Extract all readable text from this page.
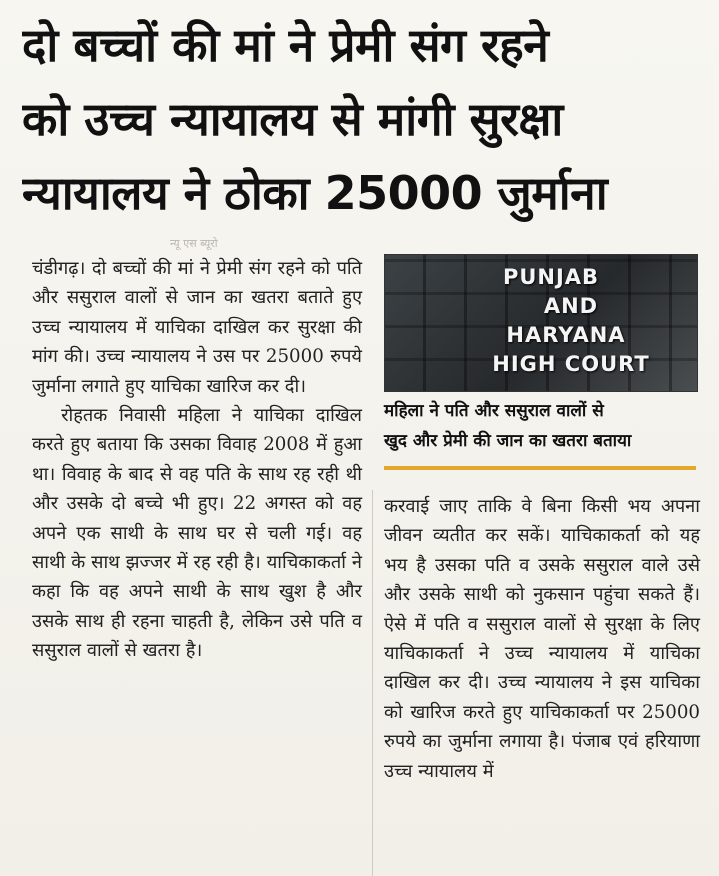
दो बच्चों की मां ने प्रेमी संग रहने
को उच्च न्यायालय से मांगी सुरक्षा
न्यायालय ने ठोका 25000 जुर्माना
न्यू एस ब्यूरो

चंडीगढ़। दो बच्चों की मां ने प्रेमी संग रहने को पति और ससुराल वालों से जान का खतरा बताते हुए उच्च न्यायालय में याचिका दाखिल कर सुरक्षा की मांग की। उच्च न्यायालय ने उस पर 25000 रुपये जुर्माना लगाते हुए याचिका खारिज कर दी।

रोहतक निवासी महिला ने याचिका दाखिल करते हुए बताया कि उसका विवाह 2008 में हुआ था। विवाह के बाद से वह पति के साथ रह रही थी और उसके दो बच्चे भी हुए। 22 अगस्त को वह अपने एक साथी के साथ घर से चली गई। वह साथी के साथ झज्जर में रह रही है। याचिकाकर्ता ने कहा कि वह अपने साथी के साथ खुश है और उसके साथ ही रहना चाहती है, लेकिन उसे पति व ससुराल वालों से खतरा है।

PUNJAB
AND
HARYANA
HIGH COURT
महिला ने पति और ससुराल वालों से
खुद और प्रेमी की जान का खतरा बताया

करवाई जाए ताकि वे बिना किसी भय अपना जीवन व्यतीत कर सकें। याचिकाकर्ता को यह भय है उसका पति व उसके ससुराल वाले उसे और उसके साथी को नुकसान पहुंचा सकते हैं। ऐसे में पति व ससुराल वालों से सुरक्षा के लिए याचिकाकर्ता ने उच्च न्यायालय में याचिका दाखिल कर दी। उच्च न्यायालय ने इस याचिका को खारिज करते हुए याचिकाकर्ता पर 25000 रुपये का जुर्माना लगाया है। पंजाब एवं हरियाणा उच्च न्यायालय में
